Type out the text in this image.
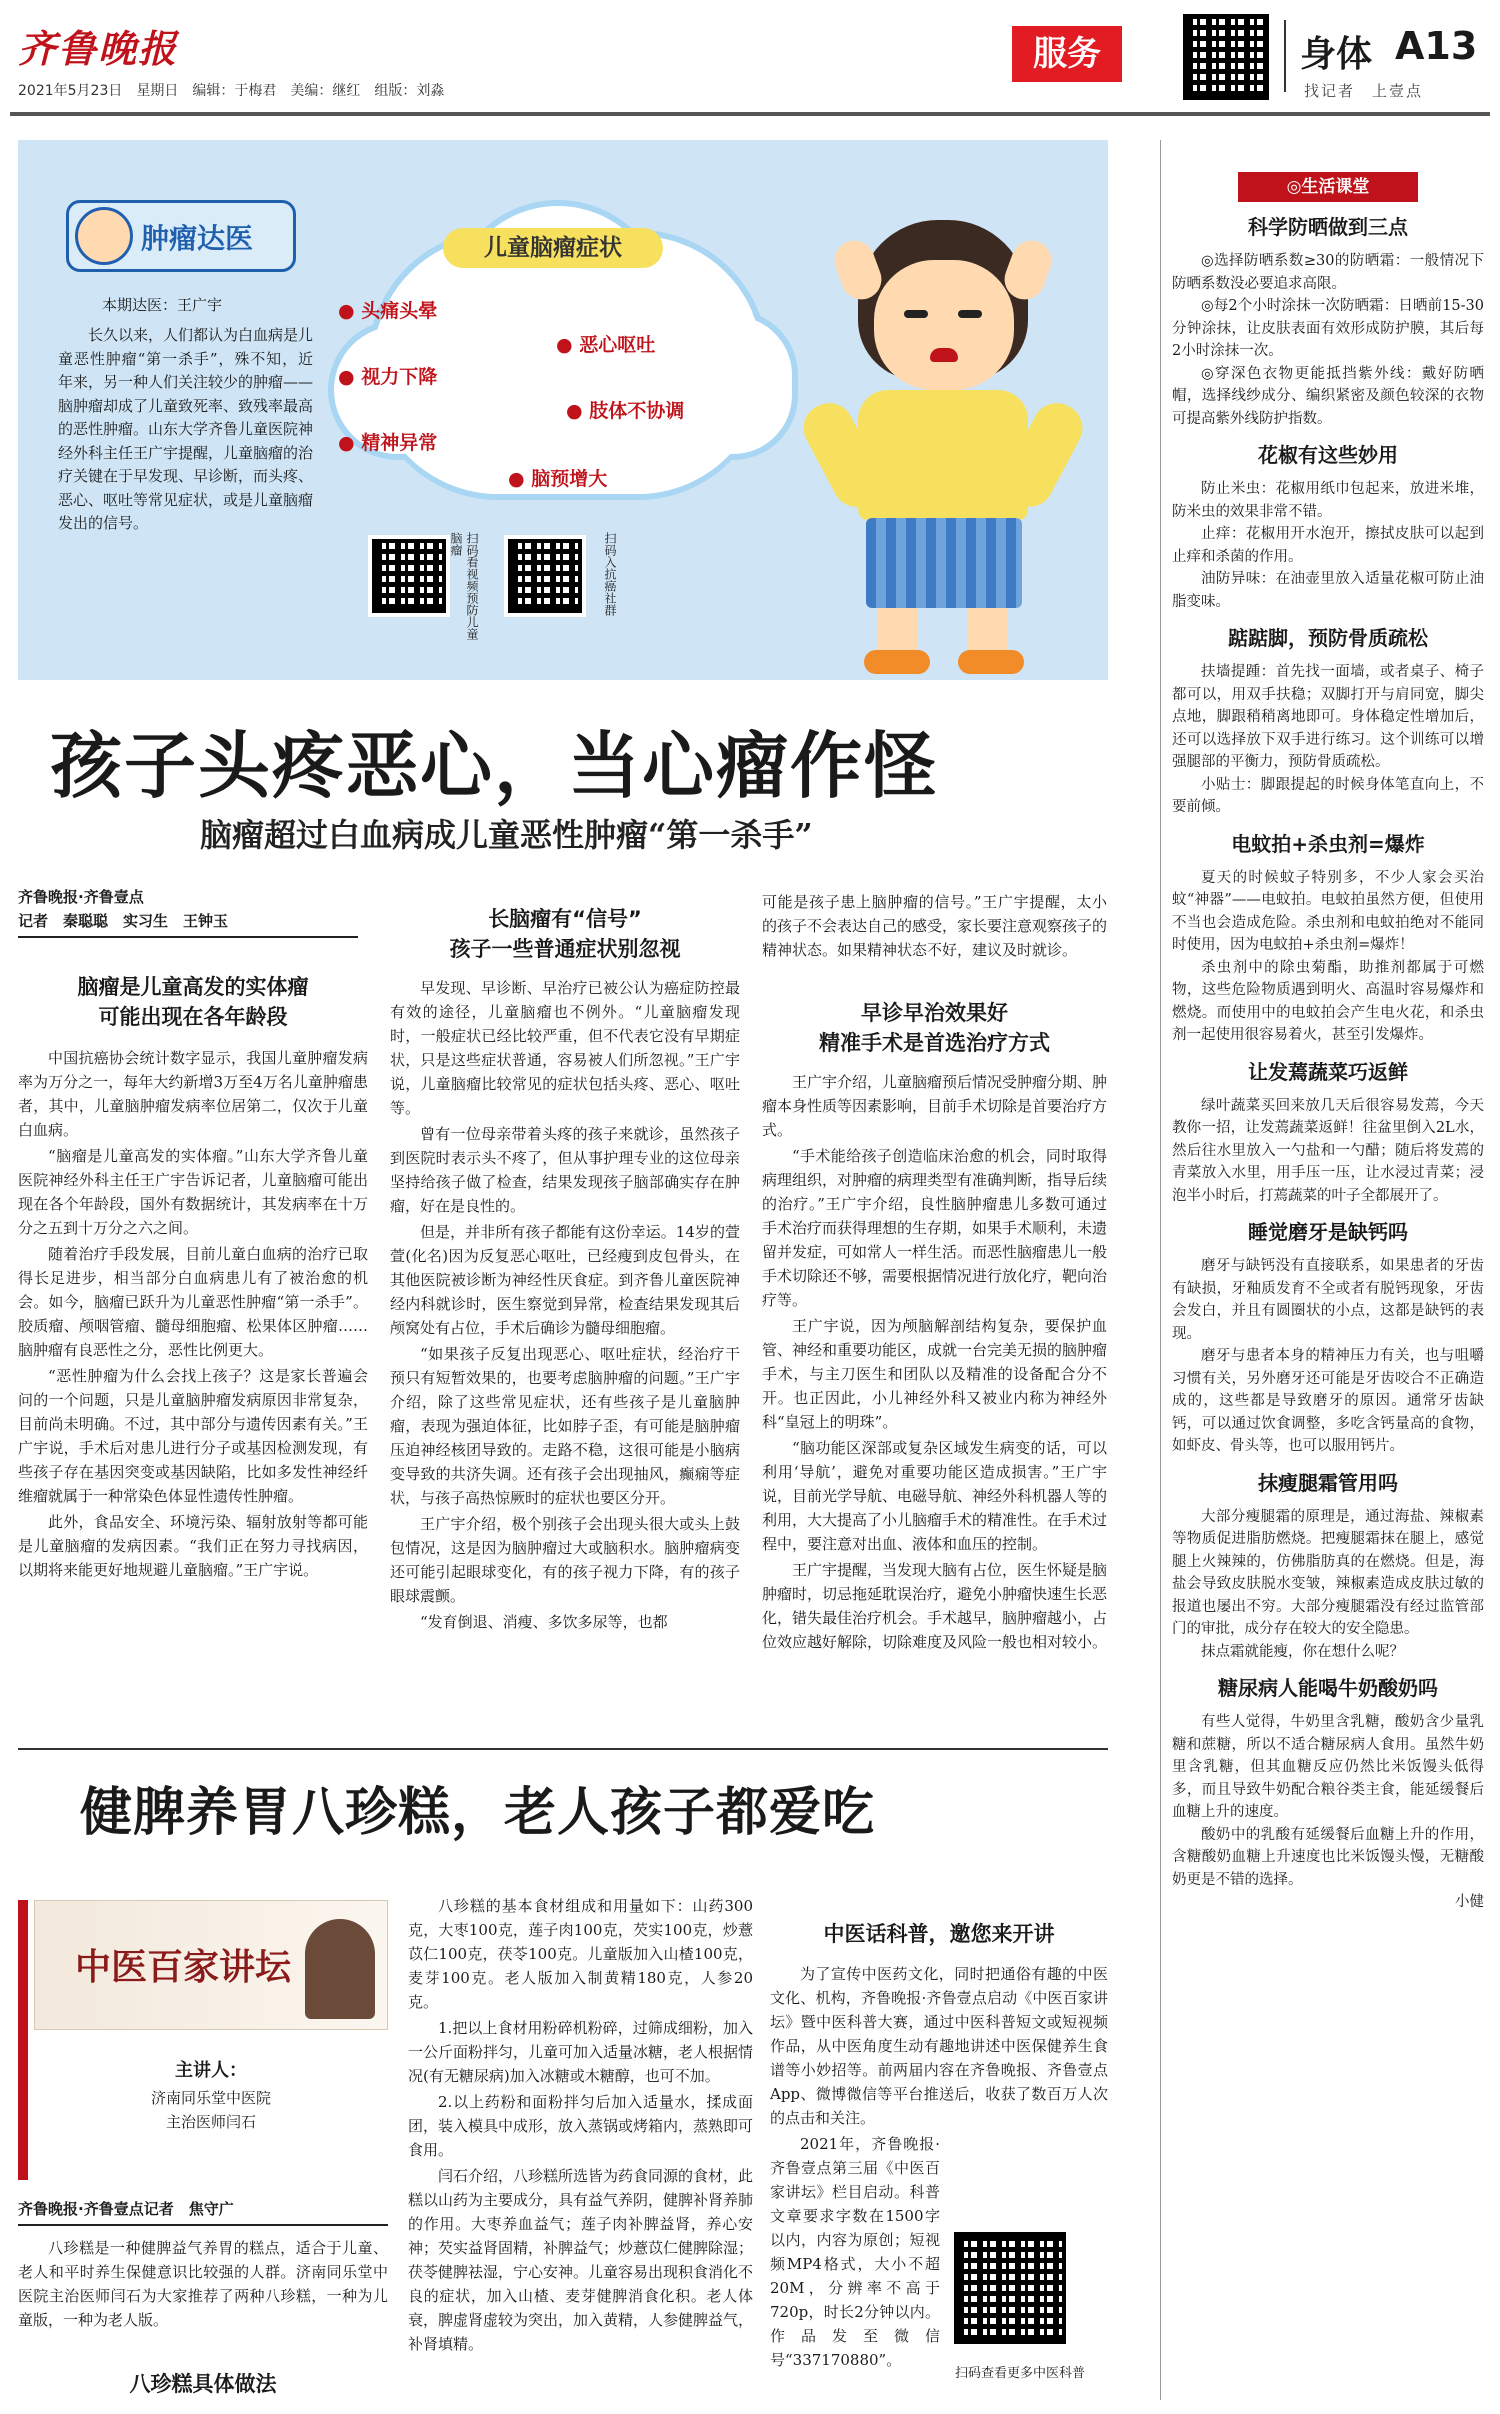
齐鲁晚报
2021年5月23日　星期日　编辑：于梅君　美编：继红　组版：刘淼
服务	身体 A13
找记者　上壹点
肿瘤达医
本期达医：王广宇
长久以来，人们都认为白血病是儿童恶性肿瘤“第一杀手”，殊不知，近年来，另一种人们关注较少的肿瘤——脑肿瘤却成了儿童致死率、致残率最高的恶性肿瘤。山东大学齐鲁儿童医院神经外科主任王广宇提醒，儿童脑瘤的治疗关键在于早发现、早诊断，而头疼、恶心、呕吐等常见症状，或是儿童脑瘤发出的信号。
儿童脑瘤症状
● 头痛头晕
● 恶心呕吐
● 视力下降
● 肢体不协调
● 精神异常
● 脑预增大
扫码看视频预防儿童脑瘤	扫码入抗癌社群
孩子头疼恶心，当心瘤作怪
脑瘤超过白血病成儿童恶性肿瘤“第一杀手”
齐鲁晚报·齐鲁壹点
记者　秦聪聪　实习生　王钟玉
脑瘤是儿童高发的实体瘤
可能出现在各年龄段

中国抗癌协会统计数字显示，我国儿童肿瘤发病率为万分之一，每年大约新增3万至4万名儿童肿瘤患者，其中，儿童脑肿瘤发病率位居第二，仅次于儿童白血病。

“脑瘤是儿童高发的实体瘤。”山东大学齐鲁儿童医院神经外科主任王广宇告诉记者，儿童脑瘤可能出现在各个年龄段，国外有数据统计，其发病率在十万分之五到十万分之六之间。

随着治疗手段发展，目前儿童白血病的治疗已取得长足进步，相当部分白血病患儿有了被治愈的机会。如今，脑瘤已跃升为儿童恶性肿瘤“第一杀手”。胶质瘤、颅咽管瘤、髓母细胞瘤、松果体区肿瘤……脑肿瘤有良恶性之分，恶性比例更大。

“恶性肿瘤为什么会找上孩子？这是家长普遍会问的一个问题，只是儿童脑肿瘤发病原因非常复杂，目前尚未明确。不过，其中部分与遗传因素有关。”王广宇说，手术后对患儿进行分子或基因检测发现，有些孩子存在基因突变或基因缺陷，比如多发性神经纤维瘤就属于一种常染色体显性遗传性肿瘤。

此外，食品安全、环境污染、辐射放射等都可能是儿童脑瘤的发病因素。“我们正在努力寻找病因，以期将来能更好地规避儿童脑瘤。”王广宇说。

长脑瘤有“信号”
孩子一些普通症状别忽视

早发现、早诊断、早治疗已被公认为癌症防控最有效的途径，儿童脑瘤也不例外。“儿童脑瘤发现时，一般症状已经比较严重，但不代表它没有早期症状，只是这些症状普通，容易被人们所忽视。”王广宇说，儿童脑瘤比较常见的症状包括头疼、恶心、呕吐等。

曾有一位母亲带着头疼的孩子来就诊，虽然孩子到医院时表示头不疼了，但从事护理专业的这位母亲坚持给孩子做了检查，结果发现孩子脑部确实存在肿瘤，好在是良性的。

但是，并非所有孩子都能有这份幸运。14岁的萱萱(化名)因为反复恶心呕吐，已经瘦到皮包骨头，在其他医院被诊断为神经性厌食症。到齐鲁儿童医院神经内科就诊时，医生察觉到异常，检查结果发现其后颅窝处有占位，手术后确诊为髓母细胞瘤。

“如果孩子反复出现恶心、呕吐症状，经治疗干预只有短暂效果的，也要考虑脑肿瘤的问题。”王广宇介绍，除了这些常见症状，还有些孩子是儿童脑肿瘤，表现为强迫体征，比如脖子歪，有可能是脑肿瘤压迫神经核团导致的。走路不稳，这很可能是小脑病变导致的共济失调。还有孩子会出现抽风，癫痫等症状，与孩子高热惊厥时的症状也要区分开。

王广宇介绍，极个别孩子会出现头很大或头上鼓包情况，这是因为脑肿瘤过大或脑积水。脑肿瘤病变还可能引起眼球变化，有的孩子视力下降，有的孩子眼球震颤。

“发育倒退、消瘦、多饮多尿等，也都

可能是孩子患上脑肿瘤的信号。”王广宇提醒，太小的孩子不会表达自己的感受，家长要注意观察孩子的精神状态。如果精神状态不好，建议及时就诊。
早诊早治效果好
精准手术是首选治疗方式

王广宇介绍，儿童脑瘤预后情况受肿瘤分期、肿瘤本身性质等因素影响，目前手术切除是首要治疗方式。

“手术能给孩子创造临床治愈的机会，同时取得病理组织，对肿瘤的病理类型有准确判断，指导后续的治疗。”王广宇介绍，良性脑肿瘤患儿多数可通过手术治疗而获得理想的生存期，如果手术顺利，未遗留并发症，可如常人一样生活。而恶性脑瘤患儿一般手术切除还不够，需要根据情况进行放化疗，靶向治疗等。

王广宇说，因为颅脑解剖结构复杂，要保护血管、神经和重要功能区，成就一台完美无损的脑肿瘤手术，与主刀医生和团队以及精准的设备配合分不开。也正因此，小儿神经外科又被业内称为神经外科“皇冠上的明珠”。

“脑功能区深部或复杂区域发生病变的话，可以利用‘导航’，避免对重要功能区造成损害。”王广宇说，目前光学导航、电磁导航、神经外科机器人等的利用，大大提高了小儿脑瘤手术的精准性。在手术过程中，要注意对出血、液体和血压的控制。

王广宇提醒，当发现大脑有占位，医生怀疑是脑肿瘤时，切忌拖延耽误治疗，避免小肿瘤快速生长恶化，错失最佳治疗机会。手术越早，脑肿瘤越小，占位效应越好解除，切除难度及风险一般也相对较小。

健脾养胃八珍糕，老人孩子都爱吃
中医百家讲坛
主讲人：
济南同乐堂中医院
主治医师闫石
齐鲁晚报·齐鲁壹点记者　焦守广
八珍糕是一种健脾益气养胃的糕点，适合于儿童、老人和平时养生保健意识比较强的人群。济南同乐堂中医院主治医师闫石为大家推荐了两种八珍糕，一种为儿童版，一种为老人版。
八珍糕具体做法

八珍糕的基本食材组成和用量如下：山药300克，大枣100克，莲子肉100克，芡实100克，炒薏苡仁100克，茯苓100克。儿童版加入山楂100克，麦芽100克。老人版加入制黄精180克，人参20克。

1.把以上食材用粉碎机粉碎，过筛成细粉，加入一公斤面粉拌匀，儿童可加入适量冰糖，老人根据情况(有无糖尿病)加入冰糖或木糖醇，也可不加。

2.以上药粉和面粉拌匀后加入适量水，揉成面团，装入模具中成形，放入蒸锅或烤箱内，蒸熟即可食用。

闫石介绍，八珍糕所选皆为药食同源的食材，此糕以山药为主要成分，具有益气养阴，健脾补肾养肺的作用。大枣养血益气；莲子肉补脾益肾，养心安神；芡实益肾固精，补脾益气；炒薏苡仁健脾除湿；茯苓健脾祛湿，宁心安神。儿童容易出现积食消化不良的症状，加入山楂、麦芽健脾消食化积。老人体衰，脾虚肾虚较为突出，加入黄精，人参健脾益气，补肾填精。

中医话科普，邀您来开讲

为了宣传中医药文化，同时把通俗有趣的中医文化、机构，齐鲁晚报·齐鲁壹点启动《中医百家讲坛》暨中医科普大赛，通过中医科普短文或短视频作品，从中医角度生动有趣地讲述中医保健养生食谱等小妙招等。前两届内容在齐鲁晚报、齐鲁壹点App、微博微信等平台推送后，收获了数百万人次的点击和关注。

2021年，齐鲁晚报·齐鲁壹点第三届《中医百家讲坛》栏目启动。科普文章要求字数在1500字以内，内容为原创；短视频MP4格式，大小不超20M，分辨率不高于720p，时长2分钟以内。作品发至微信号“337170880”。

扫码查看更多中医科普
◎生活课堂
科学防晒做到三点

◎选择防晒系数≥30的防晒霜：一般情况下防晒系数没必要追求高限。

◎每2个小时涂抹一次防晒霜：日晒前15-30分钟涂抹，让皮肤表面有效形成防护膜，其后每2小时涂抹一次。

◎穿深色衣物更能抵挡紫外线：戴好防晒帽，选择线纱成分、编织紧密及颜色较深的衣物可提高紫外线防护指数。

花椒有这些妙用

防止米虫：花椒用纸巾包起来，放进米堆，防米虫的效果非常不错。

止痒：花椒用开水泡开，擦拭皮肤可以起到止痒和杀菌的作用。

油防异味：在油壶里放入适量花椒可防止油脂变味。

踮踮脚，预防骨质疏松

扶墙提踵：首先找一面墙，或者桌子、椅子都可以，用双手扶稳；双脚打开与肩同宽，脚尖点地，脚跟稍稍离地即可。身体稳定性增加后，还可以选择放下双手进行练习。这个训练可以增强腿部的平衡力，预防骨质疏松。

小贴士：脚跟提起的时候身体笔直向上，不要前倾。

电蚊拍+杀虫剂=爆炸

夏天的时候蚊子特别多，不少人家会买治蚊“神器”——电蚊拍。电蚊拍虽然方便，但使用不当也会造成危险。杀虫剂和电蚊拍绝对不能同时使用，因为电蚊拍+杀虫剂=爆炸！

杀虫剂中的除虫菊酯，助推剂都属于可燃物，这些危险物质遇到明火、高温时容易爆炸和燃烧。而使用中的电蚊拍会产生电火花，和杀虫剂一起使用很容易着火，甚至引发爆炸。

让发蔫蔬菜巧返鲜

绿叶蔬菜买回来放几天后很容易发蔫，今天教你一招，让发蔫蔬菜返鲜！往盆里倒入2L水，然后往水里放入一勺盐和一勺醋；随后将发蔫的青菜放入水里，用手压一压，让水浸过青菜；浸泡半小时后，打蔫蔬菜的叶子全都展开了。

睡觉磨牙是缺钙吗

磨牙与缺钙没有直接联系，如果患者的牙齿有缺损，牙釉质发育不全或者有脱钙现象，牙齿会发白，并且有圆圈状的小点，这都是缺钙的表现。

磨牙与患者本身的精神压力有关，也与咀嚼习惯有关，另外磨牙还可能是牙齿咬合不正确造成的，这些都是导致磨牙的原因。通常牙齿缺钙，可以通过饮食调整，多吃含钙量高的食物，如虾皮、骨头等，也可以服用钙片。

抹瘦腿霜管用吗

大部分瘦腿霜的原理是，通过海盐、辣椒素等物质促进脂肪燃烧。把瘦腿霜抹在腿上，感觉腿上火辣辣的，仿佛脂肪真的在燃烧。但是，海盐会导致皮肤脱水变皱，辣椒素造成皮肤过敏的报道也屡出不穷。大部分瘦腿霜没有经过监管部门的审批，成分存在较大的安全隐患。

抹点霜就能瘦，你在想什么呢？

糖尿病人能喝牛奶酸奶吗

有些人觉得，牛奶里含乳糖，酸奶含少量乳糖和蔗糖，所以不适合糖尿病人食用。虽然牛奶里含乳糖，但其血糖反应仍然比米饭馒头低得多，而且导致牛奶配合粮谷类主食，能延缓餐后血糖上升的速度。

酸奶中的乳酸有延缓餐后血糖上升的作用，含糖酸奶血糖上升速度也比米饭馒头慢，无糖酸奶更是不错的选择。

小健
